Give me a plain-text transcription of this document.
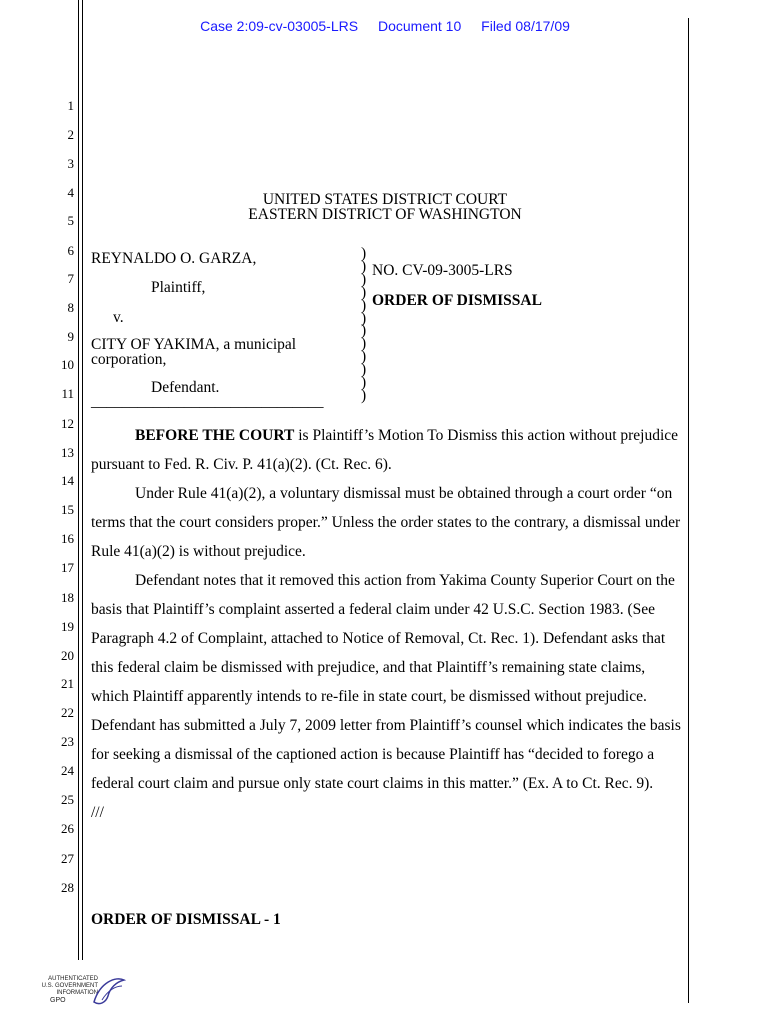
Case 2:09-cv-03005-LRS Document 10 Filed 08/17/09
1
2
3
4
5
6
7
8
9
10
11
12
13
14
15
16
17
18
19
20
21
22
23
24
25
26
27
28
UNITED STATES DISTRICT COURT
EASTERN DISTRICT OF WASHINGTON
REYNALDO O. GARZA,
Plaintiff,
v.
CITY OF YAKIMA, a municipal
corporation,
Defendant.
______________________________
)
)
)
)
)
)
)
)
)
)
)
)
NO. CV-09-3005-LRS
ORDER OF DISMISSAL

BEFORE THE COURT is Plaintiff’s Motion To Dismiss this action without prejudice pursuant to Fed. R. Civ. P. 41(a)(2). (Ct. Rec. 6).

Under Rule 41(a)(2), a voluntary dismissal must be obtained through a court order “on terms that the court considers proper.” Unless the order states to the contrary, a dismissal under Rule 41(a)(2) is without prejudice.

Defendant notes that it removed this action from Yakima County Superior Court on the basis that Plaintiff’s complaint asserted a federal claim under 42 U.S.C. Section 1983. (See Paragraph 4.2 of Complaint, attached to Notice of Removal, Ct. Rec. 1). Defendant asks that this federal claim be dismissed with prejudice, and that Plaintiff’s remaining state claims, which Plaintiff apparently intends to re-file in state court, be dismissed without prejudice. Defendant has submitted a July 7, 2009 letter from Plaintiff’s counsel which indicates the basis for seeking a dismissal of the captioned action is because Plaintiff has “decided to forego a federal court claim and pursue only state court claims in this matter.” (Ex. A to Ct. Rec. 9).

///

ORDER OF DISMISSAL - 1
AUTHENTICATED
U.S. GOVERNMENT
INFORMATION
GPO
